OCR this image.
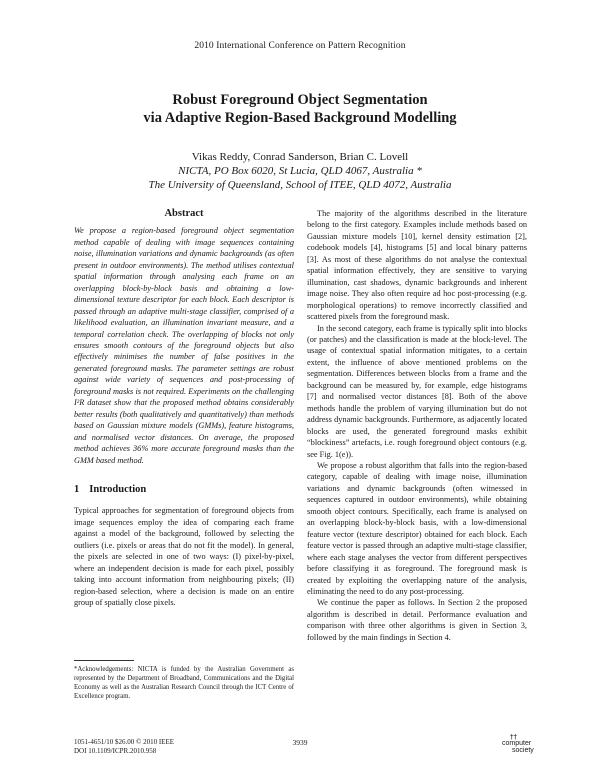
2010 International Conference on Pattern Recognition
Robust Foreground Object Segmentation
via Adaptive Region-Based Background Modelling
Vikas Reddy, Conrad Sanderson, Brian C. Lovell
NICTA, PO Box 6020, St Lucia, QLD 4067, Australia *
The University of Queensland, School of ITEE, QLD 4072, Australia
Abstract

We propose a region-based foreground object segmentation method capable of dealing with image sequences containing noise, illumination variations and dynamic backgrounds (as often present in outdoor environments). The method utilises contextual spatial information through analysing each frame on an overlapping block-by-block basis and obtaining a low-dimensional texture descriptor for each block. Each descriptor is passed through an adaptive multi-stage classifier, comprised of a likelihood evaluation, an illumination invariant measure, and a temporal correlation check. The overlapping of blocks not only ensures smooth contours of the foreground objects but also effectively minimises the number of false positives in the generated foreground masks. The parameter settings are robust against wide variety of sequences and post-processing of foreground masks is not required. Experiments on the challenging I²R dataset show that the proposed method obtains considerably better results (both qualitatively and quantitatively) than methods based on Gaussian mixture models (GMMs), feature histograms, and normalised vector distances. On average, the proposed method achieves 36% more accurate foreground masks than the GMM based method.

1 Introduction

Typical approaches for segmentation of foreground objects from image sequences employ the idea of comparing each frame against a model of the background, followed by selecting the outliers (i.e. pixels or areas that do not fit the model). In general, the pixels are selected in one of two ways: (I) pixel-by-pixel, where an independent decision is made for each pixel, possibly taking into account information from neighbouring pixels; (II) region-based selection, where a decision is made on an entire group of spatially close pixels.

*Acknowledgements: NICTA is funded by the Australian Government as represented by the Department of Broadband, Communications and the Digital Economy as well as the Australian Research Council through the ICT Centre of Excellence program.

The majority of the algorithms described in the literature belong to the first category. Examples include methods based on Gaussian mixture models [10], kernel density estimation [2], codebook models [4], histograms [5] and local binary patterns [3]. As most of these algorithms do not analyse the contextual spatial information effectively, they are sensitive to varying illumination, cast shadows, dynamic backgrounds and inherent image noise. They also often require ad hoc post-processing (e.g. morphological operations) to remove incorrectly classified and scattered pixels from the foreground mask.

In the second category, each frame is typically split into blocks (or patches) and the classification is made at the block-level. The usage of contextual spatial information mitigates, to a certain extent, the influence of above mentioned problems on the segmentation. Differences between blocks from a frame and the background can be measured by, for example, edge histograms [7] and normalised vector distances [8]. Both of the above methods handle the problem of varying illumination but do not address dynamic backgrounds. Furthermore, as adjacently located blocks are used, the generated foreground masks exhibit “blockiness” artefacts, i.e. rough foreground object contours (e.g. see Fig. 1(e)).

We propose a robust algorithm that falls into the region-based category, capable of dealing with image noise, illumination variations and dynamic backgrounds (often witnessed in sequences captured in outdoor environments), while obtaining smooth object contours. Specifically, each frame is analysed on an overlapping block-by-block basis, with a low-dimensional feature vector (texture descriptor) obtained for each block. Each feature vector is passed through an adaptive multi-stage classifier, where each stage analyses the vector from different perspectives before classifying it as foreground. The foreground mask is created by exploiting the overlapping nature of the analysis, eliminating the need to do any post-processing.

We continue the paper as follows. In Section 2 the proposed algorithm is described in detail. Performance evaluation and comparison with three other algorithms is given in Section 3, followed by the main findings in Section 4.

1051-4651/10 $26.00 © 2010 IEEE
DOI 10.1109/ICPR.2010.958
3939
††
computer
society
